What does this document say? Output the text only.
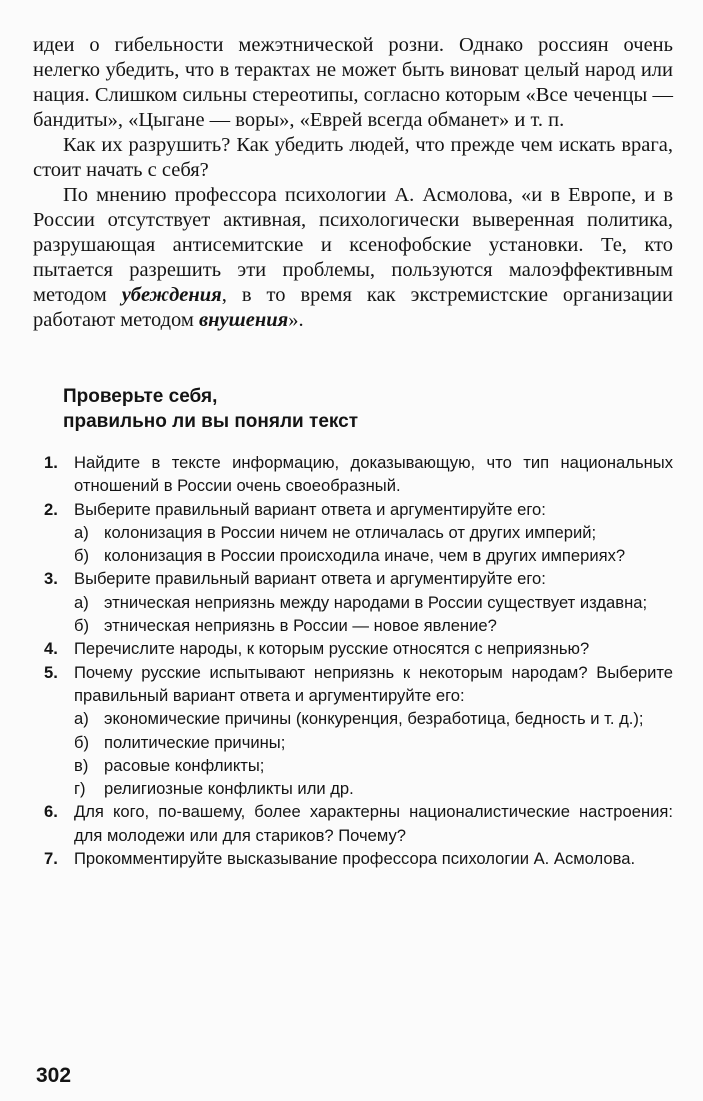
идеи о гибельности межэтнической розни. Однако россиян очень нелегко убедить, что в терактах не может быть виноват целый народ или нация. Слишком сильны стереотипы, согласно которым «Все чеченцы — бандиты», «Цыгане — воры», «Еврей всегда обманет» и т. п.

Как их разрушить? Как убедить людей, что прежде чем искать врага, стоит начать с себя?

По мнению профессора психологии А. Асмолова, «и в Европе, и в России отсутствует активная, психологически выверенная политика, разрушающая антисемитские и ксенофобские установки. Те, кто пытается разрешить эти проблемы, пользуются малоэффективным методом убеждения, в то время как экстремистские организации работают методом внушения».

Проверьте себя,
правильно ли вы поняли текст
1. Найдите в тексте информацию, доказывающую, что тип национальных отношений в России очень своеобразный.
2. Выберите правильный вариант ответа и аргументируйте его:
а) колонизация в России ничем не отличалась от других империй;
б) колонизация в России происходила иначе, чем в других империях?
3. Выберите правильный вариант ответа и аргументируйте его:
а) этническая неприязнь между народами в России существует издавна;
б) этническая неприязнь в России — новое явление?
4. Перечислите народы, к которым русские относятся с неприязнью?
5. Почему русские испытывают неприязнь к некоторым народам? Выберите правильный вариант ответа и аргументируйте его:
а) экономические причины (конкуренция, безработица, бедность и т. д.);
б) политические причины;
в) расовые конфликты;
г) религиозные конфликты или др.
6. Для кого, по-вашему, более характерны националистические настроения: для молодежи или для стариков? Почему?
7. Прокомментируйте высказывание профессора психологии А. Асмолова.
302
